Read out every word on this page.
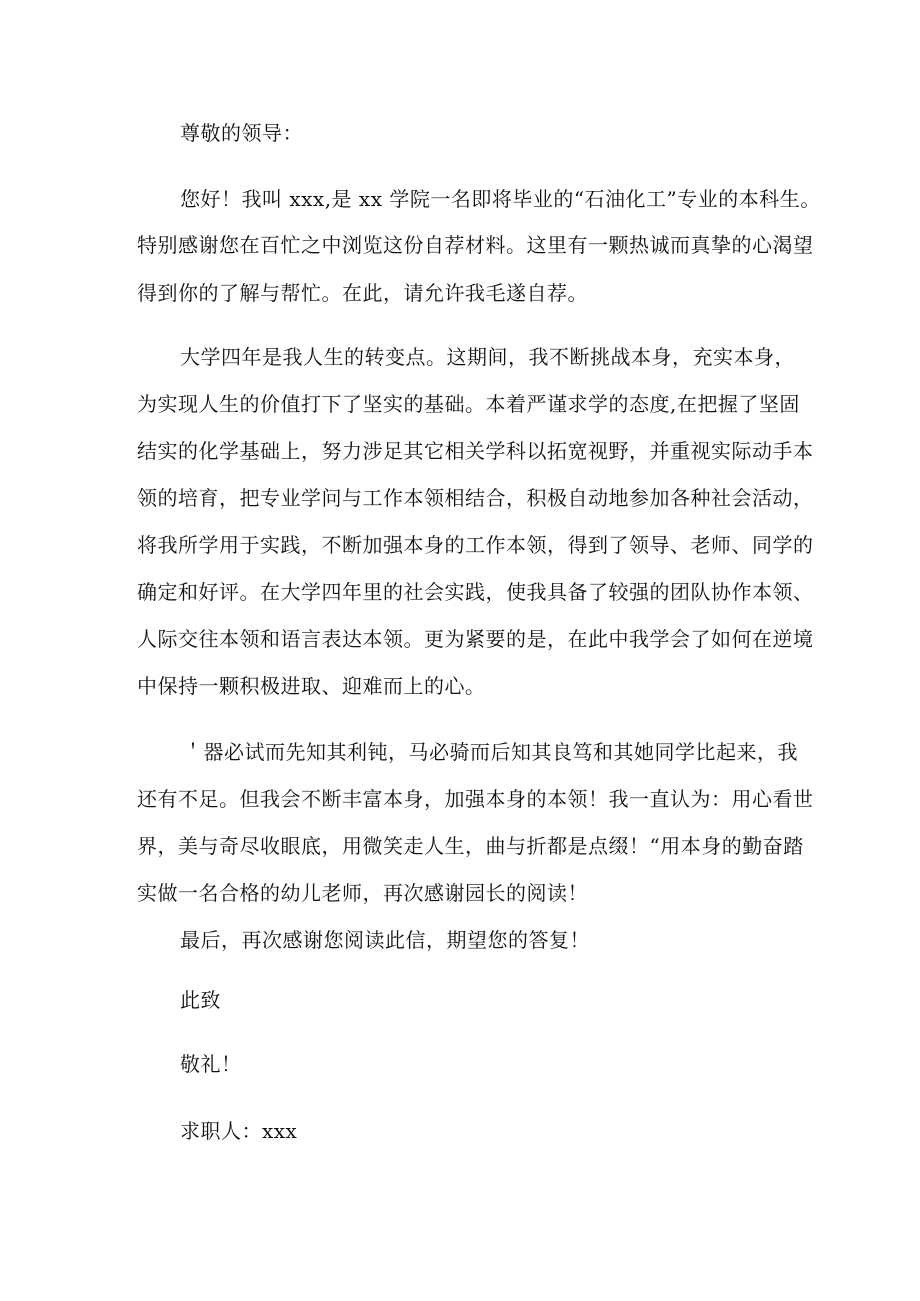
尊敬的领导：
您好！我叫 xxx,是 xx 学院一名即将毕业的“石油化工”专业的本科生。
特别感谢您在百忙之中浏览这份自荐材料。这里有一颗热诚而真挚的心渴望
得到你的了解与帮忙。在此，请允许我毛遂自荐。
大学四年是我人生的转变点。这期间，我不断挑战本身，充实本身，
为实现人生的价值打下了坚实的基础。本着严谨求学的态度,在把握了坚固
结实的化学基础上，努力涉足其它相关学科以拓宽视野，并重视实际动手本
领的培育，把专业学问与工作本领相结合，积极自动地参加各种社会活动，
将我所学用于实践，不断加强本身的工作本领，得到了领导、老师、同学的
确定和好评。在大学四年里的社会实践，使我具备了较强的团队协作本领、
人际交往本领和语言表达本领。更为紧要的是，在此中我学会了如何在逆境
中保持一颗积极进取、迎难而上的心。
＇器必试而先知其利钝，马必骑而后知其良笃和其她同学比起来，我
还有不足。但我会不断丰富本身，加强本身的本领！我一直认为：用心看世
界，美与奇尽收眼底，用微笑走人生，曲与折都是点缀！“用本身的勤奋踏
实做一名合格的幼儿老师，再次感谢园长的阅读！
最后，再次感谢您阅读此信，期望您的答复！
此致
敬礼！
求职人：xxx
